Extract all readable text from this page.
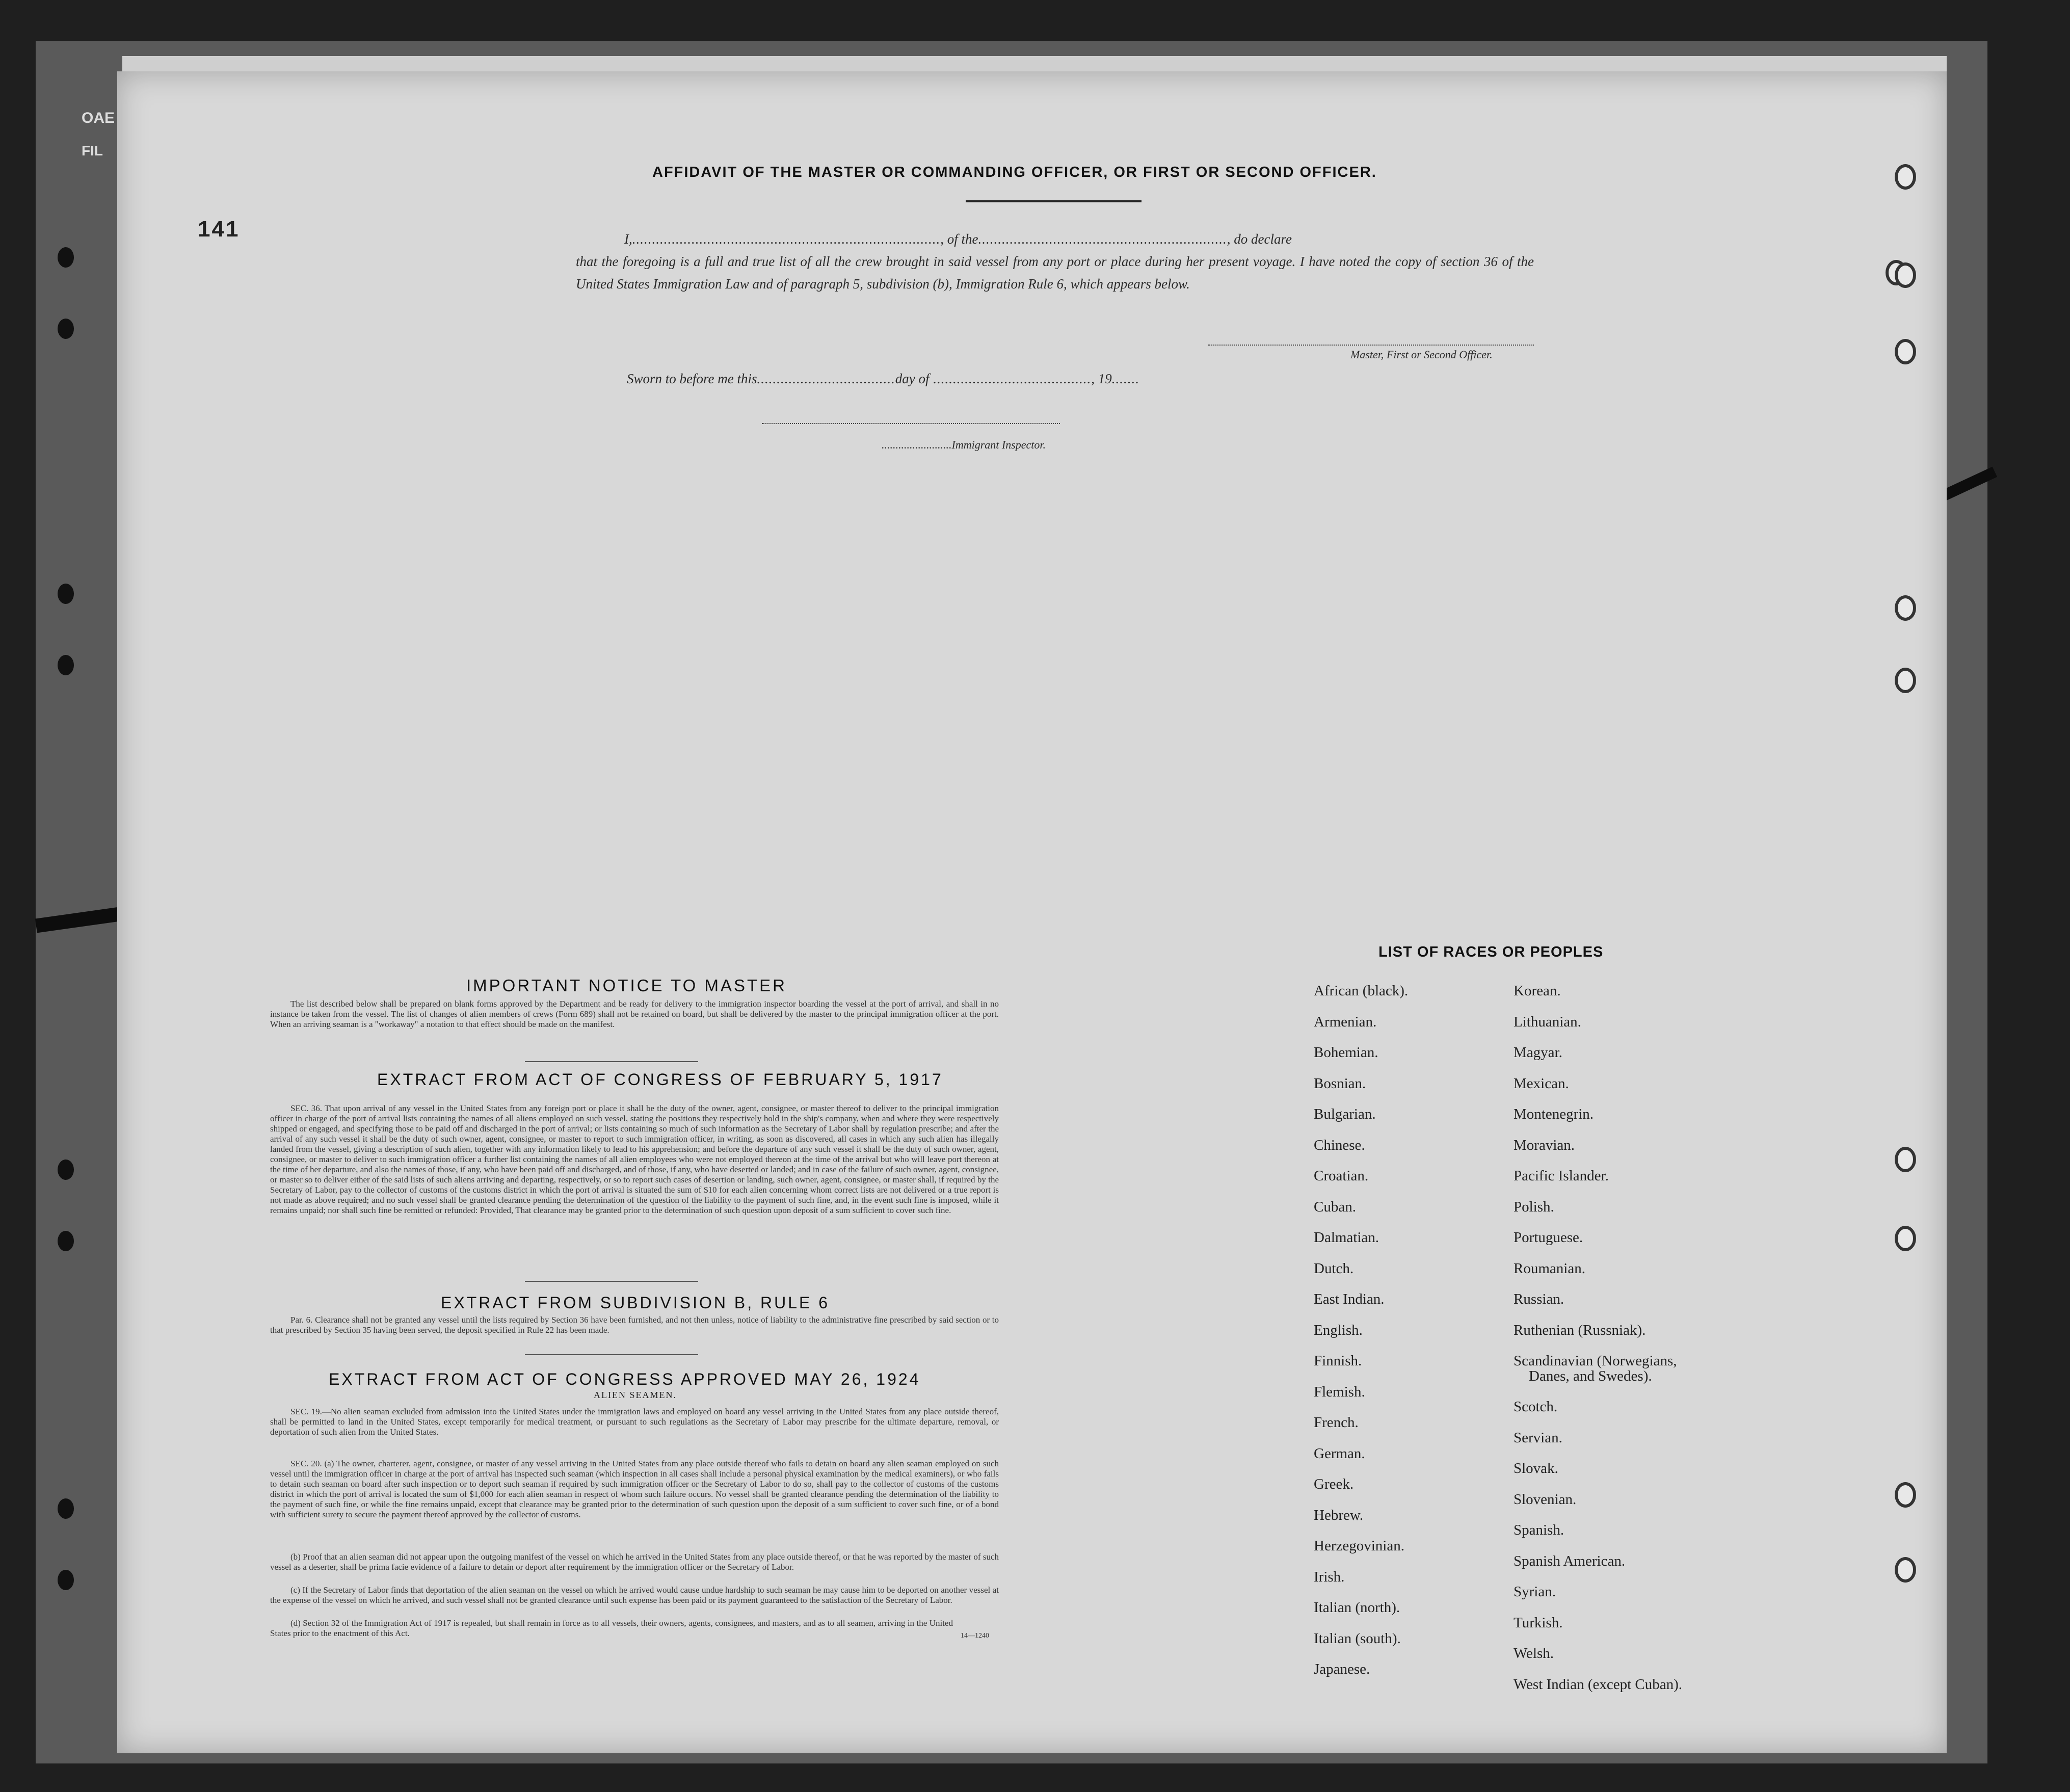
OAE
FIL
141
AFFIDAVIT OF THE MASTER OR COMMANDING OFFICER, OR FIRST OR SECOND OFFICER.
I,.............................................................................., of the..............................................................., do declare
that the foregoing is a full and true list of all the crew brought in said vessel from any port or place during her present voyage. I have noted the copy of section 36 of the United States Immigration Law and of paragraph 5, subdivision (b), Immigration Rule 6, which appears below.
Master, First or Second Officer.
Sworn to before me this...................................day of ........................................, 19.......
.........................Immigrant Inspector.
IMPORTANT NOTICE TO MASTER
The list described below shall be prepared on blank forms approved by the Department and be ready for delivery to the immigration inspector boarding the vessel at the port of arrival, and shall in no instance be taken from the vessel. The list of changes of alien members of crews (Form 689) shall not be retained on board, but shall be delivered by the master to the principal immigration officer at the port. When an arriving seaman is a "workaway" a notation to that effect should be made on the manifest.
EXTRACT FROM ACT OF CONGRESS OF FEBRUARY 5, 1917
SEC. 36. That upon arrival of any vessel in the United States from any foreign port or place it shall be the duty of the owner, agent, consignee, or master thereof to deliver to the principal immigration officer in charge of the port of arrival lists containing the names of all aliens employed on such vessel, stating the positions they respectively hold in the ship's company, when and where they were respectively shipped or engaged, and specifying those to be paid off and discharged in the port of arrival; or lists containing so much of such information as the Secretary of Labor shall by regulation prescribe; and after the arrival of any such vessel it shall be the duty of such owner, agent, consignee, or master to report to such immigration officer, in writing, as soon as discovered, all cases in which any such alien has illegally landed from the vessel, giving a description of such alien, together with any information likely to lead to his apprehension; and before the departure of any such vessel it shall be the duty of such owner, agent, consignee, or master to deliver to such immigration officer a further list containing the names of all alien employees who were not employed thereon at the time of the arrival but who will leave port thereon at the time of her departure, and also the names of those, if any, who have been paid off and discharged, and of those, if any, who have deserted or landed; and in case of the failure of such owner, agent, consignee, or master so to deliver either of the said lists of such aliens arriving and departing, respectively, or so to report such cases of desertion or landing, such owner, agent, consignee, or master shall, if required by the Secretary of Labor, pay to the collector of customs of the customs district in which the port of arrival is situated the sum of $10 for each alien concerning whom correct lists are not delivered or a true report is not made as above required; and no such vessel shall be granted clearance pending the determination of the question of the liability to the payment of such fine, and, in the event such fine is imposed, while it remains unpaid; nor shall such fine be remitted or refunded: Provided, That clearance may be granted prior to the determination of such question upon deposit of a sum sufficient to cover such fine.
EXTRACT FROM SUBDIVISION B, RULE 6
Par. 6. Clearance shall not be granted any vessel until the lists required by Section 36 have been furnished, and not then unless, notice of liability to the administrative fine prescribed by said section or to that prescribed by Section 35 having been served, the deposit specified in Rule 22 has been made.
EXTRACT FROM ACT OF CONGRESS APPROVED MAY 26, 1924
ALIEN SEAMEN.
SEC. 19.—No alien seaman excluded from admission into the United States under the immigration laws and employed on board any vessel arriving in the United States from any place outside thereof, shall be permitted to land in the United States, except temporarily for medical treatment, or pursuant to such regulations as the Secretary of Labor may prescribe for the ultimate departure, removal, or deportation of such alien from the United States.
SEC. 20. (a) The owner, charterer, agent, consignee, or master of any vessel arriving in the United States from any place outside thereof who fails to detain on board any alien seaman employed on such vessel until the immigration officer in charge at the port of arrival has inspected such seaman (which inspection in all cases shall include a personal physical examination by the medical examiners), or who fails to detain such seaman on board after such inspection or to deport such seaman if required by such immigration officer or the Secretary of Labor to do so, shall pay to the collector of customs of the customs district in which the port of arrival is located the sum of $1,000 for each alien seaman in respect of whom such failure occurs. No vessel shall be granted clearance pending the determination of the liability to the payment of such fine, or while the fine remains unpaid, except that clearance may be granted prior to the determination of such question upon the deposit of a sum sufficient to cover such fine, or of a bond with sufficient surety to secure the payment thereof approved by the collector of customs.
(b) Proof that an alien seaman did not appear upon the outgoing manifest of the vessel on which he arrived in the United States from any place outside thereof, or that he was reported by the master of such vessel as a deserter, shall be prima facie evidence of a failure to detain or deport after requirement by the immigration officer or the Secretary of Labor.
(c) If the Secretary of Labor finds that deportation of the alien seaman on the vessel on which he arrived would cause undue hardship to such seaman he may cause him to be deported on another vessel at the expense of the vessel on which he arrived, and such vessel shall not be granted clearance until such expense has been paid or its payment guaranteed to the satisfaction of the Secretary of Labor.
(d) Section 32 of the Immigration Act of 1917 is repealed, but shall remain in force as to all vessels, their owners, agents, consignees, and masters, and as to all seamen, arriving in the United States prior to the enactment of this Act.	14—1240
LIST OF RACES OR PEOPLES
African (black).
Armenian.
Bohemian.
Bosnian.
Bulgarian.
Chinese.
Croatian.
Cuban.
Dalmatian.
Dutch.
East Indian.
English.
Finnish.
Flemish.
French.
German.
Greek.
Hebrew.
Herzegovinian.
Irish.
Italian (north).
Italian (south).
Japanese.
Korean.
Lithuanian.
Magyar.
Mexican.
Montenegrin.
Moravian.
Pacific Islander.
Polish.
Portuguese.
Roumanian.
Russian.
Ruthenian (Russniak).
Scandinavian (Norwegians,
Danes, and Swedes).
Scotch.
Servian.
Slovak.
Slovenian.
Spanish.
Spanish American.
Syrian.
Turkish.
Welsh.
West Indian (except Cuban).
